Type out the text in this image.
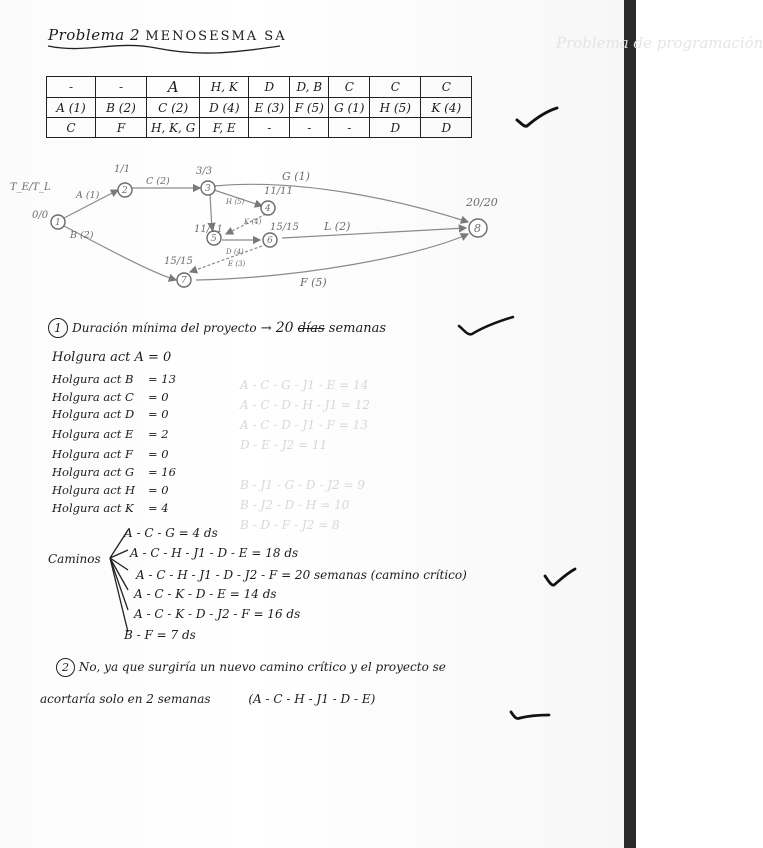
Problema de programación
A - C - G - J1 - E = 14
A - C - D - H - J1 = 12
A - C - D - J1 - F = 13
D - E - J2 = 11
B - J1 - G - D - J2 = 9
B - J2 - D - H = 10
B - D - F - J2 = 8
Problema 2 MENOSESMA SA
-	-	A	H, K	D	D, B	C	C	C
A (1)	B (2)	C (2)	D (4)	E (3)	F (5)	G (1)	H (5)	K (4)
C	F	H, K, G	F, E	-	-	-	D	D
1
2	3
4
5	6
7
8
T_E/T_L
0/0
1/1	3/3
11/11
11/11	15/15
15/15
20/20
A (1)
B (2)
C (2)	G (1)
L (2)
F (5)
H (5)
K (4)
D (4)
E (3)
1 Duración mínima del proyecto → 20 días semanas
Holgura act A = 0
Holgura act B = 13
Holgura act C = 0
Holgura act D = 0
Holgura act E = 2
Holgura act F = 0
Holgura act G = 16
Holgura act H = 0
Holgura act K = 4
Caminos
A - C - G = 4 ds
A - C - H - J1 - D - E = 18 ds
A - C - H - J1 - D - J2 - F = 20 semanas (camino crítico)
A - C - K - D - E = 14 ds
A - C - K - D - J2 - F = 16 ds
B - F = 7 ds
2 No, ya que surgiría un nuevo camino crítico y el proyecto se
acortaría solo en 2 semanas	(A - C - H - J1 - D - E)
